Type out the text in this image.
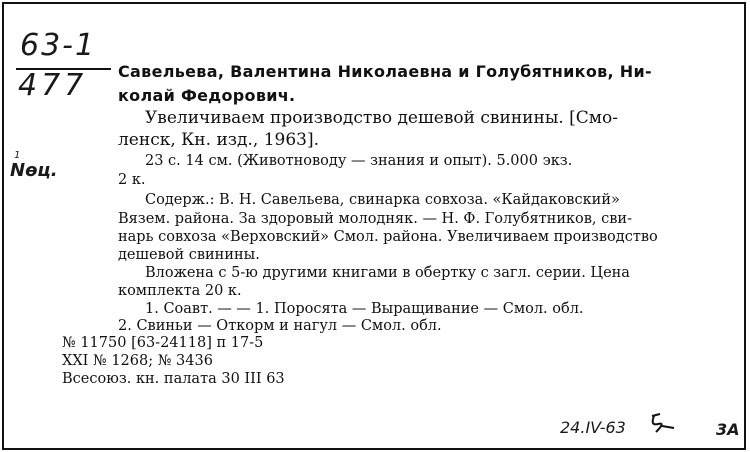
63-1
477
1
Nөц.
Савельева, Валентина Николаевна и Голубятников, Ни-
колай Федорович.
Увеличиваем производство дешевой свинины. [Смо-
ленск, Кн. изд., 1963].
23 с. 14 см. (Животноводу — знания и опыт). 5.000 экз.
2 к.
Содерж.: В. Н. Савельева, свинарка совхоза. «Кайдаковский»
Вязем. района. За здоровый молодняк. — Н. Ф. Голубятников, сви-
нарь совхоза «Верховский» Смол. района. Увеличиваем производство
дешевой свинины.
Вложена с 5-ю другими книгами в обертку с загл. серии. Цена
комплекта 20 к.
1. Соавт. — — 1. Поросята — Выращивание — Смол. обл.
2. Свиньи — Откорм и нагул — Смол. обл.
№ 11750 [63-24118] п 17-5
XXI № 1268; № 3436
Всесоюз. кн. палата 30 III 63
24.IV-63	3A
